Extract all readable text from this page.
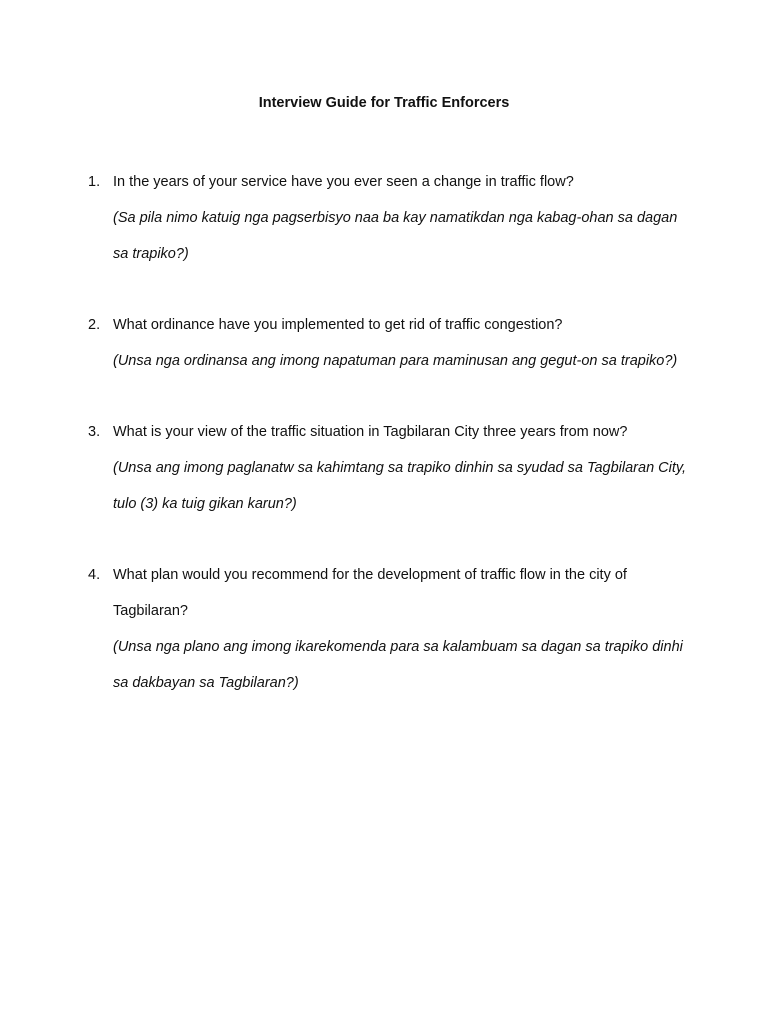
Interview Guide for Traffic Enforcers
1. In the years of your service have you ever seen a change in traffic flow?
(Sa pila nimo katuig nga pagserbisyo naa ba kay namatikdan nga kabag-ohan sa dagan sa trapiko?)
2. What ordinance have you implemented to get rid of traffic congestion?
(Unsa nga ordinansa ang imong napatuman para maminusan ang gegut-on sa trapiko?)
3. What is your view of the traffic situation in Tagbilaran City three years from now?
(Unsa ang imong paglanatw sa kahimtang sa trapiko dinhin sa syudad sa Tagbilaran City, tulo (3) ka tuig gikan karun?)
4. What plan would you recommend for the development of traffic flow in the city of Tagbilaran?
(Unsa nga plano ang imong ikarekomenda para sa kalambuam sa dagan sa trapiko dinhi sa dakbayan sa Tagbilaran?)
